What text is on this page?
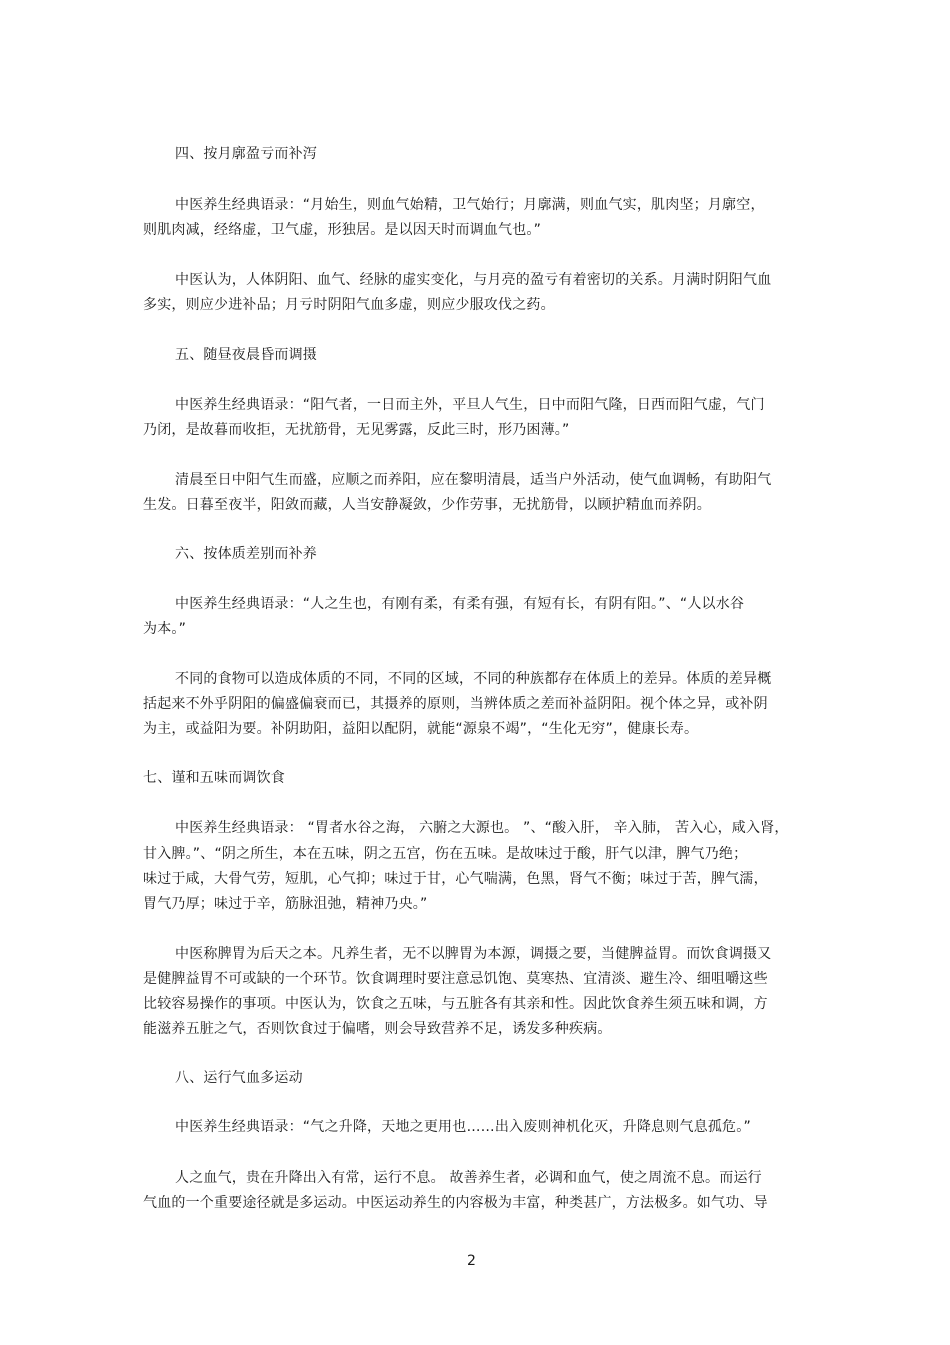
四、按月廓盈亏而补泻
中医养生经典语录：“月始生，则血气始精，卫气始行；月廓满，则血气实，肌肉坚；月廓空，
则肌肉减，经络虚，卫气虚，形独居。是以因天时而调血气也。”
中医认为，人体阴阳、血气、经脉的虚实变化，与月亮的盈亏有着密切的关系。月满时阴阳气血
多实，则应少进补品；月亏时阴阳气血多虚，则应少服攻伐之药。
五、随昼夜晨昏而调摄
中医养生经典语录：“阳气者，一日而主外，平旦人气生，日中而阳气隆，日西而阳气虚，气门
乃闭，是故暮而收拒，无扰筋骨，无见雾露，反此三时，形乃困薄。”
清晨至日中阳气生而盛，应顺之而养阳，应在黎明清晨，适当户外活动，使气血调畅，有助阳气
生发。日暮至夜半，阳敛而藏，人当安静凝敛，少作劳事，无扰筋骨，以顾护精血而养阴。
六、按体质差别而补养
中医养生经典语录：“人之生也，有刚有柔，有柔有强，有短有长，有阴有阳。”、“人以水谷
为本。”
不同的食物可以造成体质的不同，不同的区域，不同的种族都存在体质上的差异。体质的差异概
括起来不外乎阴阳的偏盛偏衰而已，其摄养的原则，当辨体质之差而补益阴阳。视个体之异，或补阴
为主，或益阳为要。补阴助阳，益阳以配阴，就能“源泉不竭”，“生化无穷”，健康长寿。
七、谨和五味而调饮食
中医养生经典语录： “胃者水谷之海， 六腑之大源也。 ”、“酸入肝， 辛入肺， 苦入心，咸入肾，
甘入脾。”、“阴之所生，本在五味，阴之五宫，伤在五味。是故味过于酸，肝气以津，脾气乃绝；
味过于咸，大骨气劳，短肌，心气抑；味过于甘，心气喘满，色黑，肾气不衡；味过于苦，脾气濡，
胃气乃厚；味过于辛，筋脉沮弛，精神乃央。”
中医称脾胃为后天之本。凡养生者，无不以脾胃为本源，调摄之要，当健脾益胃。而饮食调摄又
是健脾益胃不可或缺的一个环节。饮食调理时要注意忌饥饱、莫寒热、宜清淡、避生冷、细咀嚼这些
比较容易操作的事项。中医认为，饮食之五味，与五脏各有其亲和性。因此饮食养生须五味和调，方
能滋养五脏之气，否则饮食过于偏嗜，则会导致营养不足，诱发多种疾病。
八、运行气血多运动
中医养生经典语录：“气之升降，天地之更用也……出入废则神机化灭，升降息则气息孤危。”
人之血气，贵在升降出入有常，运行不息。 故善养生者，必调和血气，使之周流不息。而运行
气血的一个重要途径就是多运动。中医运动养生的内容极为丰富，种类甚广，方法极多。如气功、导
2
